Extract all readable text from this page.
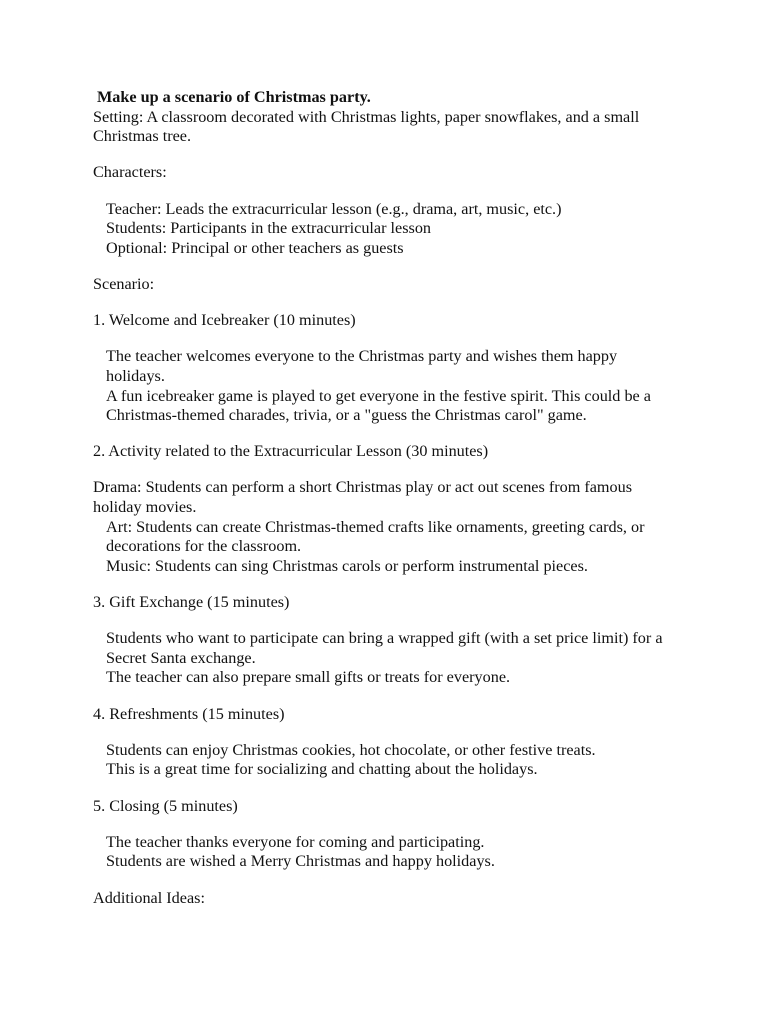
Make up a scenario of Christmas party.
Setting: A classroom decorated with Christmas lights, paper snowflakes, and a small Christmas tree.
Characters:
Teacher: Leads the extracurricular lesson (e.g., drama, art, music, etc.)
Students: Participants in the extracurricular lesson
Optional: Principal or other teachers as guests
Scenario:
1. Welcome and Icebreaker (10 minutes)
The teacher welcomes everyone to the Christmas party and wishes them happy holidays.
A fun icebreaker game is played to get everyone in the festive spirit. This could be a Christmas-themed charades, trivia, or a "guess the Christmas carol" game.
2. Activity related to the Extracurricular Lesson (30 minutes)
Drama: Students can perform a short Christmas play or act out scenes from famous holiday movies.
Art: Students can create Christmas-themed crafts like ornaments, greeting cards, or decorations for the classroom.
Music: Students can sing Christmas carols or perform instrumental pieces.
3. Gift Exchange (15 minutes)
Students who want to participate can bring a wrapped gift (with a set price limit) for a Secret Santa exchange.
The teacher can also prepare small gifts or treats for everyone.
4. Refreshments (15 minutes)
Students can enjoy Christmas cookies, hot chocolate, or other festive treats.
This is a great time for socializing and chatting about the holidays.
5. Closing (5 minutes)
The teacher thanks everyone for coming and participating.
Students are wished a Merry Christmas and happy holidays.
Additional Ideas:
